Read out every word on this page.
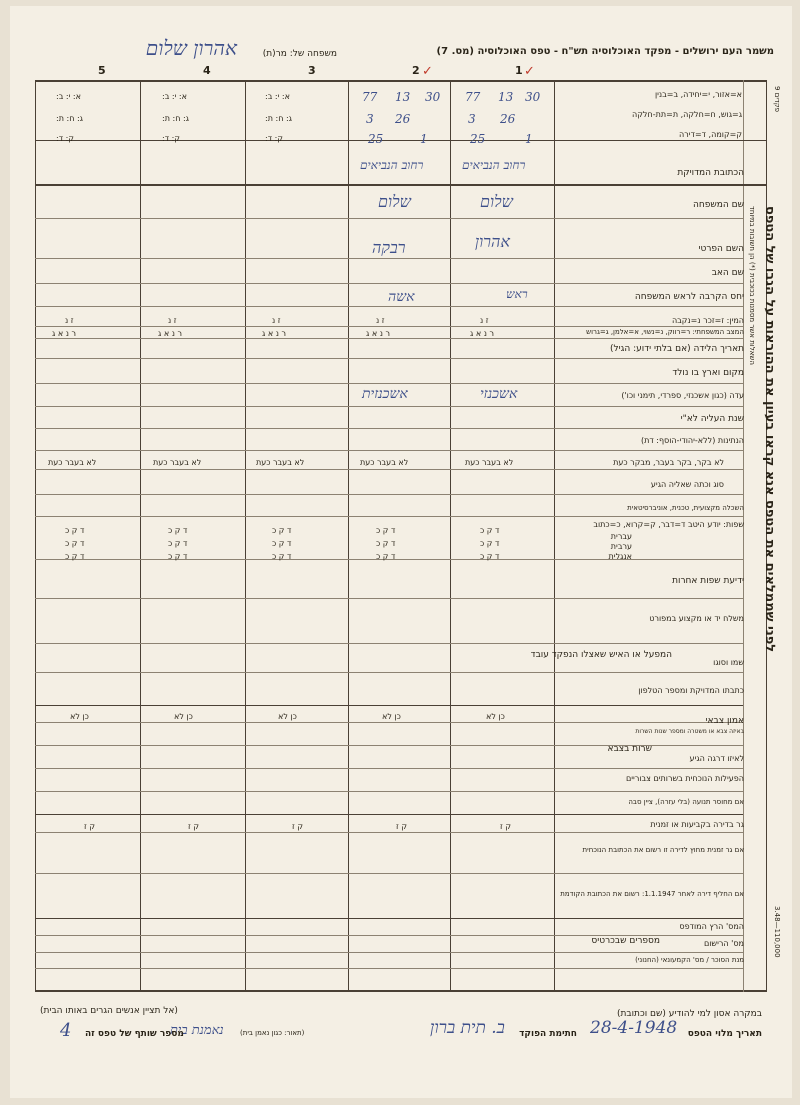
משמר העם ירושלים - מפקד האוכלוסיה תש"ח - טפס האוכלוסיה (מס. 7)
משפחה של: מר(ת)
אהרון שלום
1
2
3
4
5	✓
✓
א=אזור, י=יחידה, ב=בנין
ג=גוש, ח=חלקה, ת=תת-חלקה
ק=קומה, ד=דירה
א: י: ב:
א: י: ב:
א: י: ב:
ג: ח: ת:
ג: ח: ת:
ג: ח: ת:
ק: ד:
ק: ד:
ק: ד:
77 13 30
26
3
1
25
רחוב הנביאים
שלום
אהרון
ראש
אשכנזי
77 13 30
26
3
1
25
רחוב הנביאים
שלום
רבקה
אשה
אשכנזית
הכתובת המדויקת
שם המשפחה
השם הפרטי
שם האב
יחס הקרבה לראש המשפחה
המין: ז=זכר נ=נקבה
המצב המשפחתי: ר=רווק, נ=נשוי, א=אלמן, ג=גרוש
תאריך הלידה (אם בלתי ידוע: הגיל)
מקום וארץ בו נולד
עדה (כגון אשכנזי, ספרדי, תימני וכו')
שנת העליה לא"י
הנתינות (ללא-יהודי-הוסף: דת)
לא בקר, בקר בעבר, מבקר כעת
סוג וכתה שאליה הגיע
השכלה מקצועית, טכנית, אוניברסיטאית
שפות: יודע היטב ד=דבר, ק=קרוא, כ=כתוב
עברית
ערבית
אנגלית
ידיעת שפות אחרות
משלח יד או מקצוע במפורט
המפעל או האיש שאצלו הנפקד עובד
שמו וסוגו
כתבתו המדויקת ומספר הטלפון
אמון צבאי
שרות בצבא
באיזה צבא או משטרה ומספר שנות השרות
לאיזו דרגה הגיע
הפעילות הנוכחית בשרותים צבוריים
אם מחוסר תנועה (בלי עזרה), ציין סבה
גר בדירה בקביעות או זמנית
אם גר זמנית מחוץ לדירה זו רשום את הכתובת הנוכחית
אם החליף דירה לאחר 1.1.1947: רשום את הכתובת הקודמת
מספרים שבכרטיס
המס' הרץ המודפס
מס' הרישום
מנת הסוכר / מס' הקמעונאי (החנוני)
ז נ
ז נ
ז נ
ז נ
ז נ
ר נ א ג
ר נ א ג
ר נ א ג
ר נ א ג
ר נ א ג
לא בעבר כעת
לא בעבר כעת
לא בעבר כעת
לא בעבר כעת
לא בעבר כעת
ד ק כ
ד ק כ
ד ק כ
ד ק כ
ד ק כ
ד ק כ
ד ק כ
ד ק כ
ד ק כ
ד ק כ
ד ק כ
ד ק כ
ד ק כ
ד ק כ
ד ק כ
כן לא
כן לא
כן לא
כן לא
כן לא
ק ז
ק ז
ק ז
ק ז
ק ז
לפני שממלאים את הטפס אנא קראו בעיון את ההוראות על הגבו של הטפס
השאלות אשר מסמנות בכוכבית (*) הן חשובות במיוחד
9 פקדים
3.48—110,000
במקרה אסון למי להודיע (שם וכתובת)
(אל תציין אנשים הגרים באותו הבית)
תאריך מלוי הטפס
28-4-1948
חתימת הפוקד
ב. תית ברון
(תאור: כגון נאמן בית)
נאמנת בית
מספר שותף של טפס זה
4
